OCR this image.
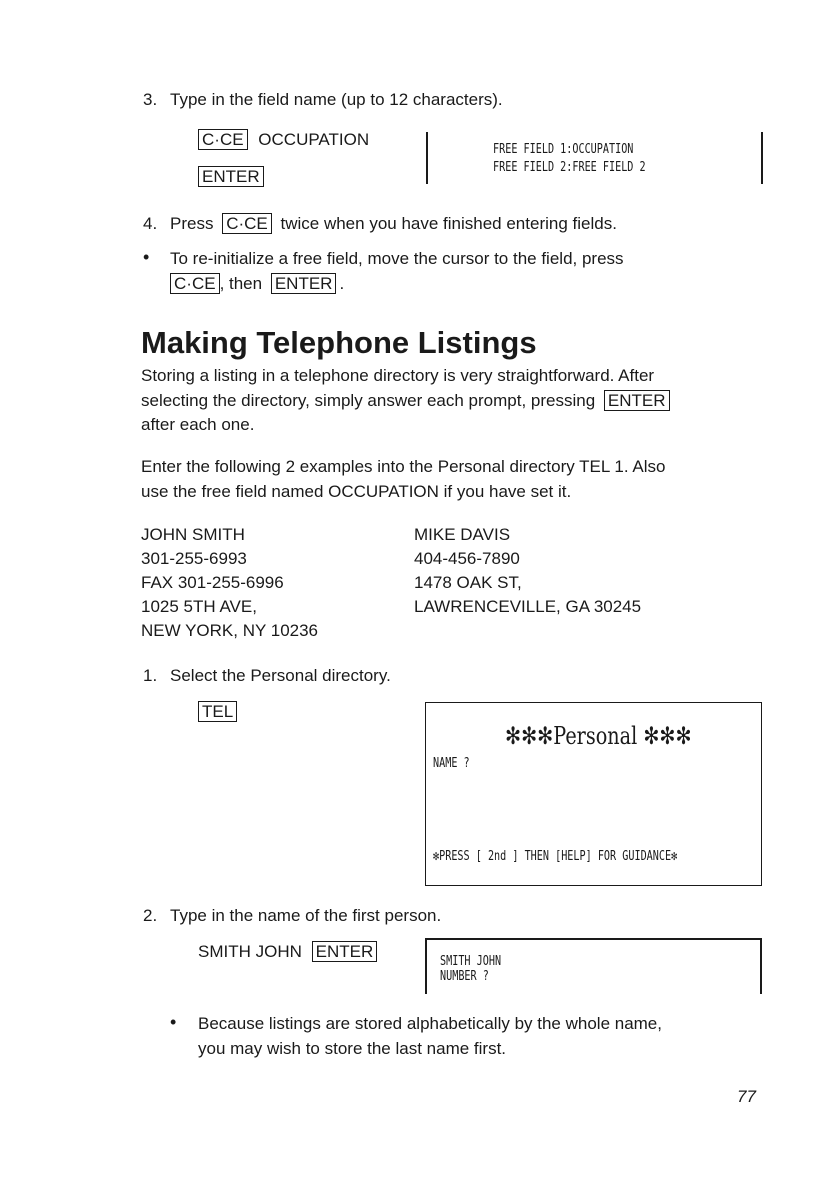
3. Type in the field name (up to 12 characters).
C·CE OCCUPATION
ENTER
FREE FIELD 1:OCCUPATION
FREE FIELD 2:FREE FIELD 2
4. Press C·CE twice when you have finished entering fields.
• To re-initialize a free field, move the cursor to the field, press
C·CE , then ENTER .
Making Telephone Listings
Storing a listing in a telephone directory is very straightforward. After
selecting the directory, simply answer each prompt, pressing ENTER
after each one.
Enter the following 2 examples into the Personal directory TEL 1. Also
use the free field named OCCUPATION if you have set it.
JOHN SMITH
301-255-6993
FAX 301-255-6996
1025 5TH AVE,
NEW YORK, NY 10236
MIKE DAVIS
404-456-7890
1478 OAK ST,
LAWRENCEVILLE, GA 30245
1. Select the Personal directory.
TEL
✻✻✻Personal ✻✻✻
NAME ?
✻PRESS [ 2nd ] THEN [HELP] FOR GUIDANCE✻
2. Type in the name of the first person.
SMITH JOHN ENTER
SMITH JOHN
NUMBER ?
• Because listings are stored alphabetically by the whole name,
you may wish to store the last name first.
77
